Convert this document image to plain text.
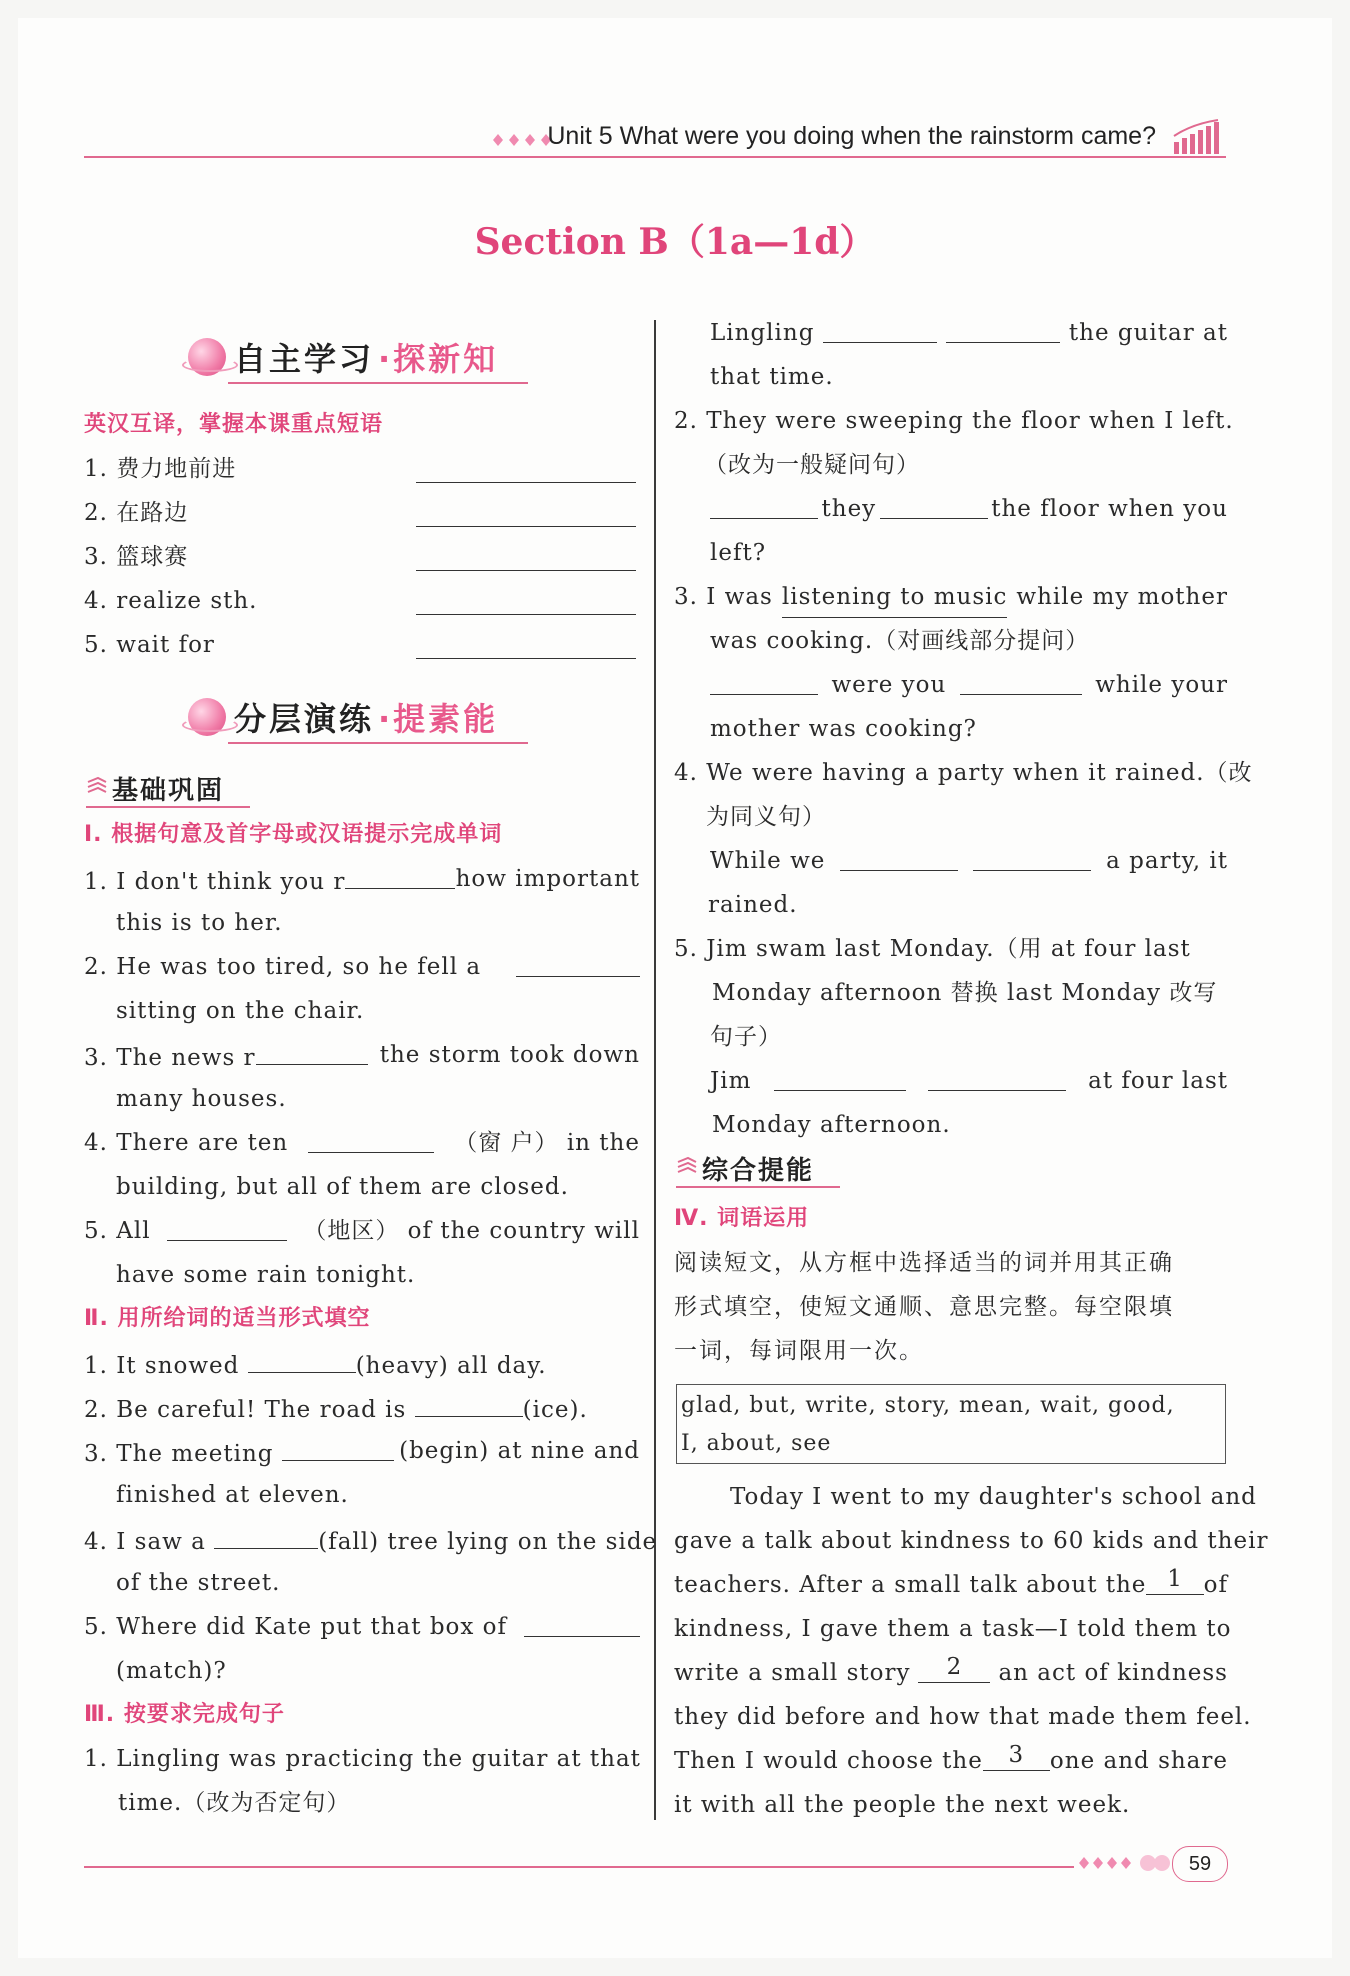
Unit 5 What were you doing when the rainstorm came?
Section B（1a—1d）
自主学习 ·探新知
英汉互译，掌握本课重点短语
1. 费力地前进
2. 在路边
3. 篮球赛
4. realize sth.
5. wait for
分层演练 ·提素能
基础巩固
Ⅰ. 根据句意及首字母或汉语提示完成单词
1. I don't think you r	how important
this is to her.
2. He was too tired, so he fell a
sitting on the chair.
3. The news r	the storm took down
many houses.
4. There are ten	（窗 户） in the
building, but all of them are closed.
5. All	（地区） of the country will
have some rain tonight.
Ⅱ. 用所给词的适当形式填空
1. It snowed	(heavy) all day.
2. Be careful! The road is	(ice).
3. The meeting	(begin) at nine and
finished at eleven.
4. I saw a	(fall) tree lying on the side
of the street.
5. Where did Kate put that box of
(match)?
Ⅲ. 按要求完成句子
1. Lingling was practicing the guitar at that
time.（改为否定句）
Lingling	the guitar at
that time.
2. They were sweeping the floor when I left.
（改为一般疑问句）
they	the floor when you
left?
3. I was listening to music while my mother
was cooking.（对画线部分提问）
were you	while your
mother was cooking?
4. We were having a party when it rained.（改
为同义句）
While we	a party, it
rained.
5. Jim swam last Monday.（用 at four last
Monday afternoon 替换 last Monday 改写
句子）
Jim	at four last
Monday afternoon.
综合提能
Ⅳ. 词语运用
阅读短文，从方框中选择适当的词并用其正确
形式填空，使短文通顺、意思完整。每空限填
一词，每词限用一次。
glad, but, write, story, mean, wait, good,
I, about, see
Today I went to my daughter's school and
gave a talk about kindness to 60 kids and their
teachers. After a small talk about the 1 of
kindness, I gave them a task—I told them to
write a small story	2	an act of kindness
they did before and how that made them feel.
Then I would choose the	3	one and share
it with all the people the next week.
59
